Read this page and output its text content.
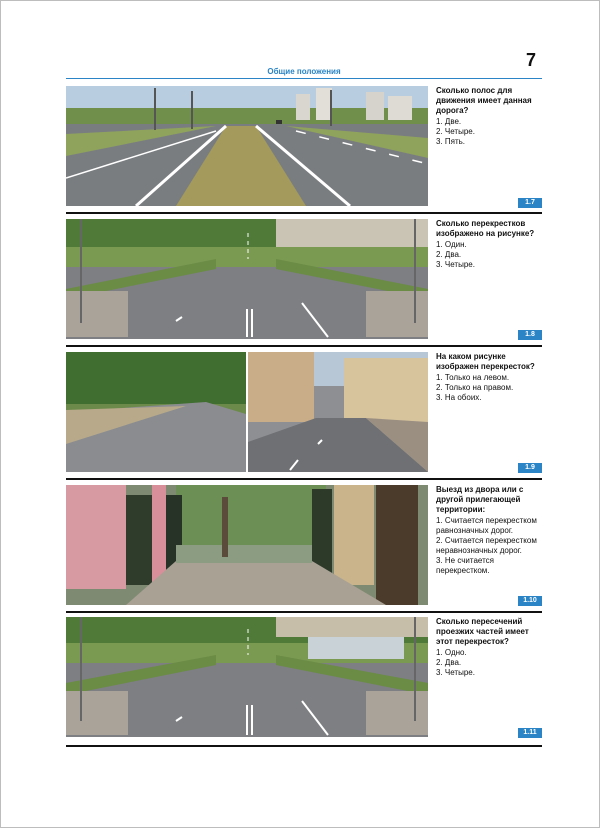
7
Общие положения
Сколько полос для движения имеет данная дорога?
1. Две.
2. Четыре.
3. Пять.
1.7
Сколько перекрестков изображено на рисунке?
1. Один.
2. Два.
3. Четыре.
1.8
На каком рисунке изображен перекресток?
1. Только на левом.
2. Только на правом.
3. На обоих.
1.9
Выезд из двора или с другой прилегающей территории:
1. Считается перекрестком равнозначных дорог.
2. Считается перекрестком неравнозначных дорог.
3. Не считается перекрестком.
1.10
Сколько пересечений проезжих частей имеет этот перекресток?
1. Одно.
2. Два.
3. Четыре.
1.11
